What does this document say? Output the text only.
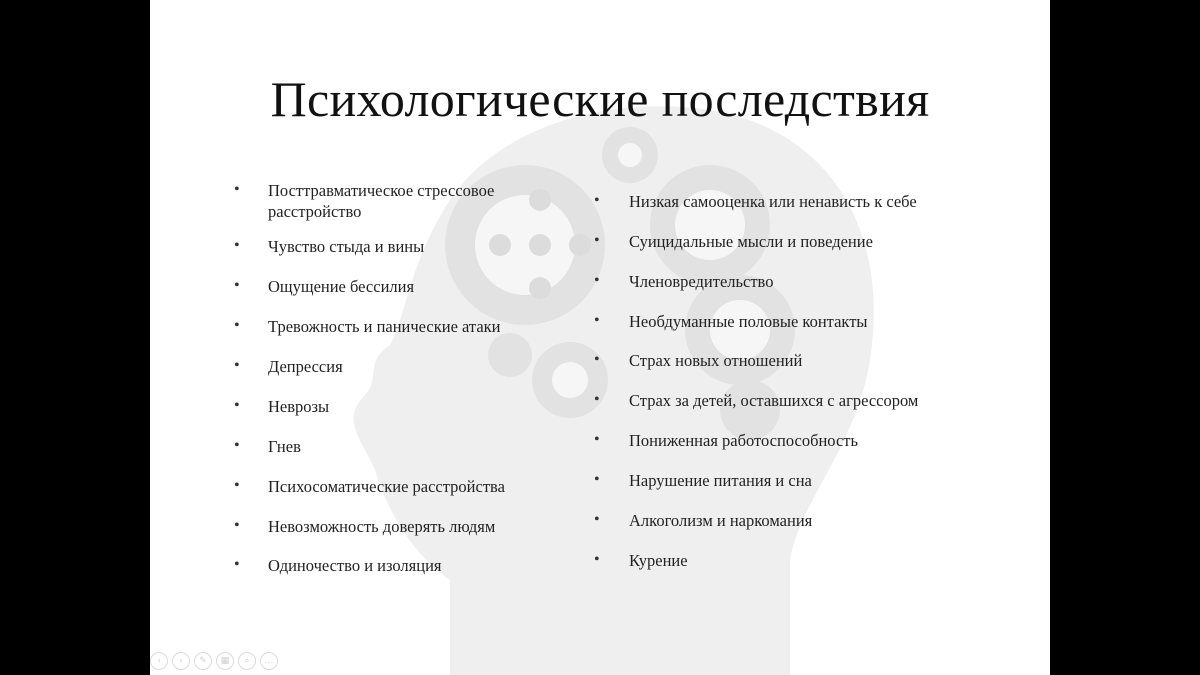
Психологические последствия
• Посттравматическое стрессовое
расстройство
• Чувство стыда и вины
• Ощущение бессилия
• Тревожность и панические атаки
• Депрессия
• Неврозы
• Гнев
• Психосоматические расстройства
• Невозможность доверять людям
• Одиночество и изоляция
• Низкая самооценка или ненависть к себе
• Суицидальные мысли и поведение
• Членовредительство
• Необдуманные половые контакты
• Страх новых отношений
• Страх за детей, оставшихся с агрессором
• Пониженная работоспособность
• Нарушение питания и сна
• Алкоголизм и наркомания
• Курение
‹	›	✎	▦	⌕	…
